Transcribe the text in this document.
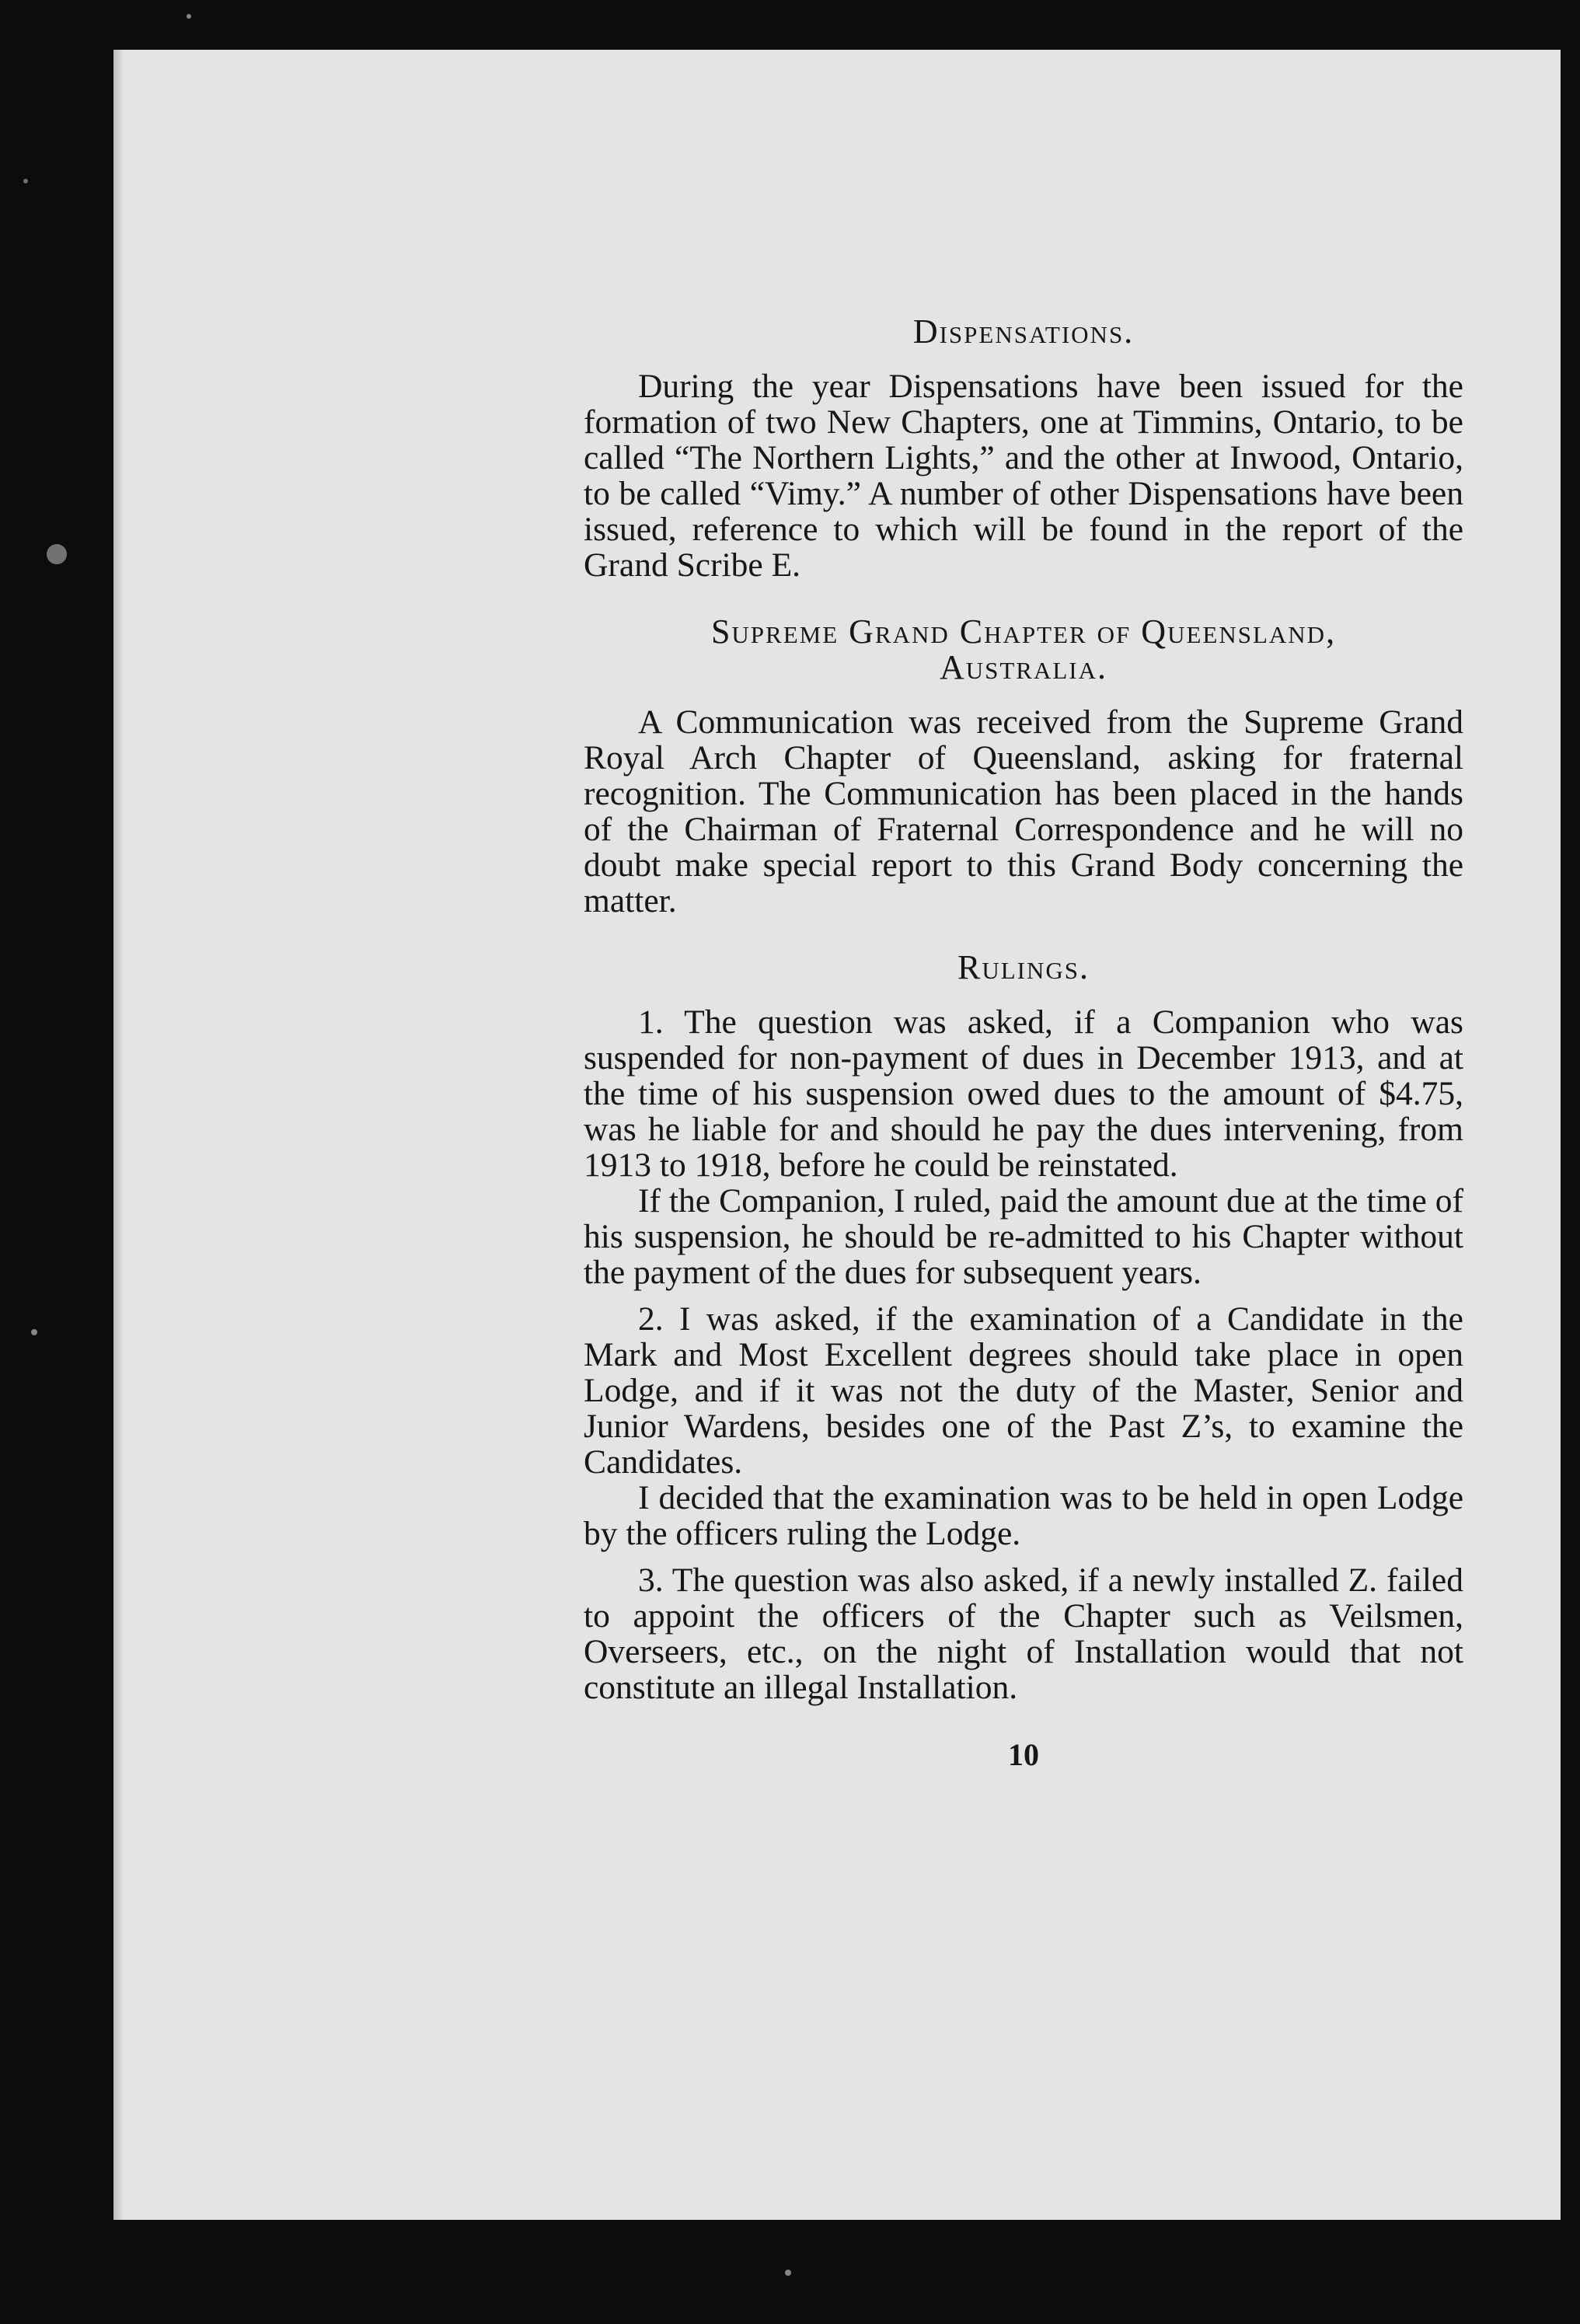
Dispensations.

During the year Dispensations have been issued for the formation of two New Chapters, one at Timmins, Ontario, to be called “The Northern Lights,” and the other at Inwood, Ontario, to be called “Vimy.” A number of other Dispensations have been issued, reference to which will be found in the report of the Grand Scribe E.

Supreme Grand Chapter of Queensland,

Australia.

A Communication was received from the Supreme Grand Royal Arch Chapter of Queensland, asking for fraternal recognition. The Communication has been placed in the hands of the Chairman of Fraternal Correspondence and he will no doubt make special report to this Grand Body concerning the matter.

Rulings.

1. The question was asked, if a Companion who was suspended for non-payment of dues in December 1913, and at the time of his suspension owed dues to the amount of $4.75, was he liable for and should he pay the dues intervening, from 1913 to 1918, before he could be reinstated.

If the Companion, I ruled, paid the amount due at the time of his suspension, he should be re-admitted to his Chapter without the payment of the dues for subsequent years.

2. I was asked, if the examination of a Candidate in the Mark and Most Excellent degrees should take place in open Lodge, and if it was not the duty of the Master, Senior and Junior Wardens, besides one of the Past Z’s, to examine the Candidates.

I decided that the examination was to be held in open Lodge by the officers ruling the Lodge.

3. The question was also asked, if a newly installed Z. failed to appoint the officers of the Chapter such as Veilsmen, Overseers, etc., on the night of Installation would that not constitute an illegal Installation.

10
